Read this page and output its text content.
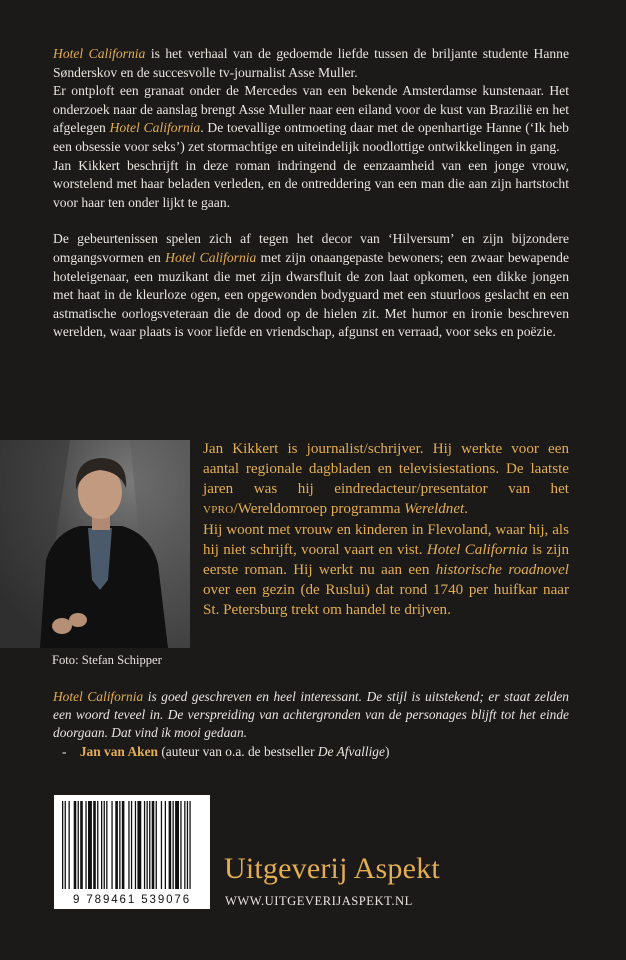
Hotel California is het verhaal van de gedoemde liefde tussen de briljante studente Hanne Sønderskov en de succesvolle tv-journalist Asse Muller.

Er ontploft een granaat onder de Mercedes van een bekende Amsterdamse kunstenaar. Het onderzoek naar de aanslag brengt Asse Muller naar een eiland voor de kust van Brazilië en het afgelegen Hotel California. De toevallige ontmoeting daar met de openhartige Hanne (‘Ik heb een obsessie voor seks’) zet stormachtige en uiteindelijk noodlottige ontwikkelingen in gang.

Jan Kikkert beschrijft in deze roman indringend de eenzaamheid van een jonge vrouw, worstelend met haar beladen verleden, en de ontreddering van een man die aan zijn hartstocht voor haar ten onder lijkt te gaan.

De gebeurtenissen spelen zich af tegen het decor van ‘Hilversum’ en zijn bijzondere omgangsvormen en Hotel California met zijn onaangepaste bewoners; een zwaar bewapende hoteleigenaar, een muzikant die met zijn dwarsfluit de zon laat opkomen, een dikke jongen met haat in de kleurloze ogen, een opgewonden bodyguard met een stuurloos geslacht en een astmatische oorlogsveteraan die de dood op de hielen zit. Met humor en ironie beschreven werelden, waar plaats is voor liefde en vriendschap, afgunst en verraad, voor seks en poëzie.

Foto: Stefan Schipper

Jan Kikkert is journalist/schrijver. Hij werkte voor een aantal regionale dagbladen en televisiestations. De laatste jaren was hij eindredacteur/presentator van het VPRO/Wereldomroep programma Wereldnet.
Hij woont met vrouw en kinderen in Flevoland, waar hij, als hij niet schrijft, vooral vaart en vist. Hotel California is zijn eerste roman. Hij werkt nu aan een historische roadnovel over een gezin (de Ruslui) dat rond 1740 per huifkar naar St. Petersburg trekt om handel te drijven.

Hotel California is goed geschreven en heel interessant. De stijl is uitstekend; er staat zelden een woord teveel in. De verspreiding van achtergronden van de personages blijft tot het einde doorgaan. Dat vind ik mooi gedaan.
- Jan van Aken (auteur van o.a. de bestseller De Afvallige)

9 789461 539076

Uitgeverij Aspekt

WWW.UITGEVERIJASPEKT.NL
